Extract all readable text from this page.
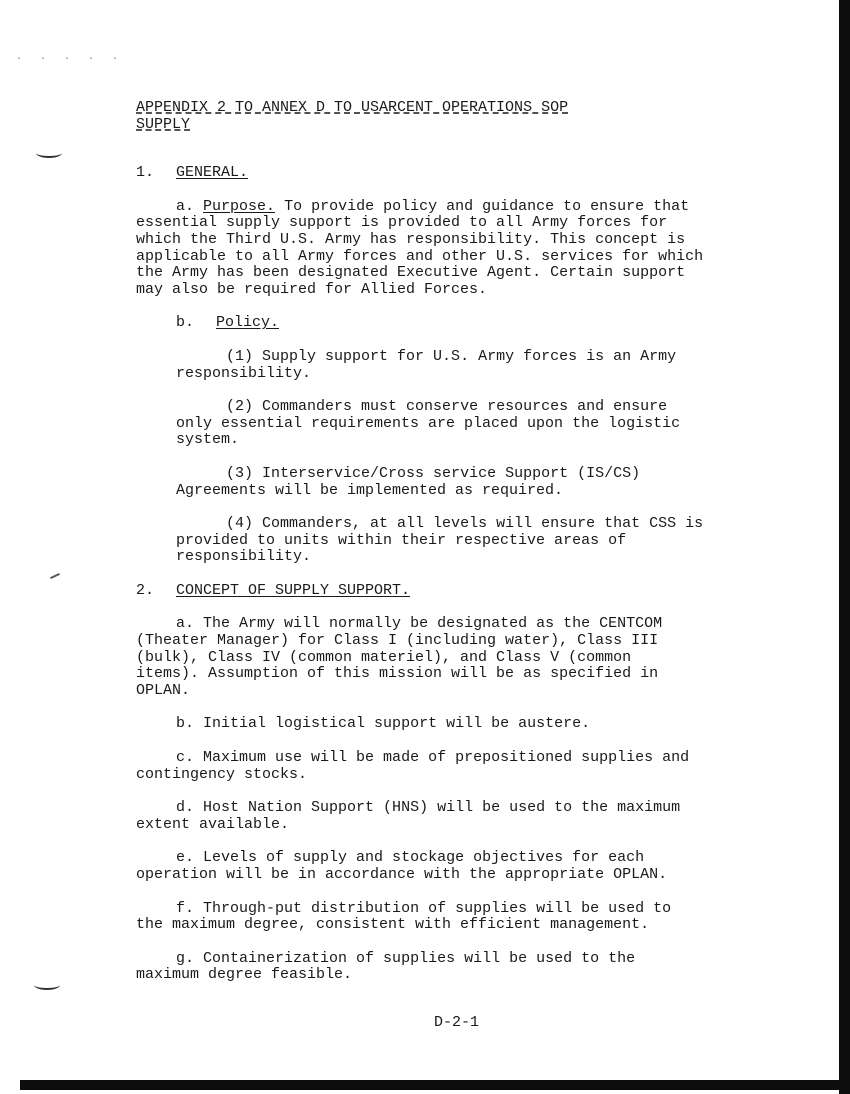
. . . . .
APPENDIX 2 TO ANNEX D TO USARCENT OPERATIONS SOP
SUPPLY
1. GENERAL.
a. Purpose. To provide policy and guidance to ensure that
essential supply support is provided to all Army forces for
which the Third U.S. Army has responsibility. This concept is
applicable to all Army forces and other U.S. services for which
the Army has been designated Executive Agent. Certain support
may also be required for Allied Forces.
b. Policy.

(1) Supply support for U.S. Army forces is an Army
responsibility.

(2) Commanders must conserve resources and ensure
only essential requirements are placed upon the logistic
system.

(3) Interservice/Cross service Support (IS/CS)
Agreements will be implemented as required.

(4) Commanders, at all levels will ensure that CSS is
provided to units within their respective areas of
responsibility.

2. CONCEPT OF SUPPLY SUPPORT.
a. The Army will normally be designated as the CENTCOM
(Theater Manager) for Class I (including water), Class III
(bulk), Class IV (common materiel), and Class V (common
items). Assumption of this mission will be as specified in
OPLAN.
b. Initial logistical support will be austere.
c. Maximum use will be made of prepositioned supplies and
contingency stocks.
d. Host Nation Support (HNS) will be used to the maximum
extent available.
e. Levels of supply and stockage objectives for each
operation will be in accordance with the appropriate OPLAN.
f. Through-put distribution of supplies will be used to
the maximum degree, consistent with efficient management.
g. Containerization of supplies will be used to the
maximum degree feasible.
D-2-1
